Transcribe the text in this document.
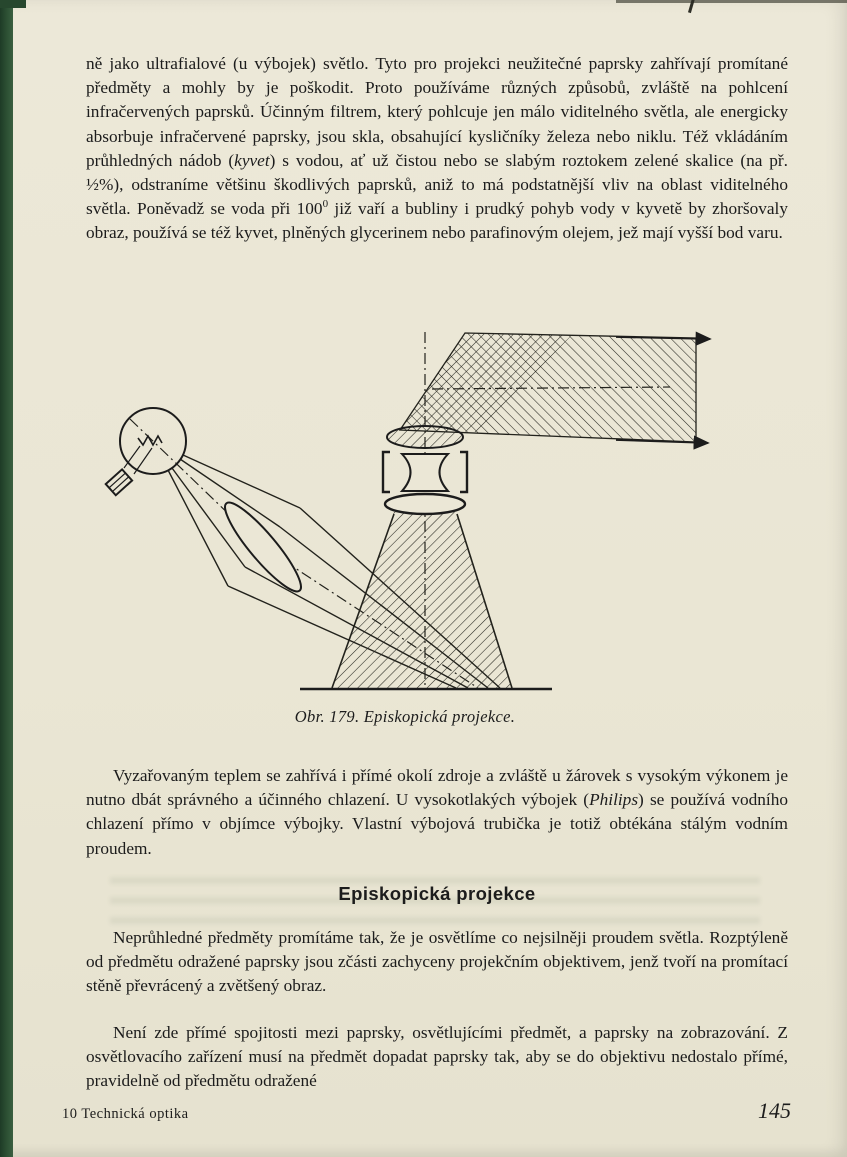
ně jako ultrafialové (u výbojek) světlo. Tyto pro projekci neužitečné paprsky zahřívají promítané předměty a mohly by je poškodit. Proto používáme různých způsobů, zvláště na pohlcení infračervených paprsků. Účinným filtrem, který pohlcuje jen málo viditelného světla, ale energicky absorbuje infračervené paprsky, jsou skla, obsahující kysličníky železa nebo niklu. Též vkládáním průhledných nádob (kyvet) s vodou, ať už čistou nebo se slabým roztokem zelené skalice (na př. ½%), odstraníme většinu škodlivých paprsků, aniž to má podstatnější vliv na oblast viditelného světla. Poněvadž se voda při $100^0$ již vaří a bubliny i prudký pohyb vody v kyvetě by zhoršovaly obraz, používá se též kyvet, plněných glycerinem nebo parafinovým olejem, jež mají vyšší bod varu.

Obr. 179. Episkopická projekce.

Vyzařovaným teplem se zahřívá i přímé okolí zdroje a zvláště u žárovek s vysokým výkonem je nutno dbát správného a účinného chlazení. U vysokotlakých výbojek (Philips) se používá vodního chlazení přímo v objímce výbojky. Vlastní výbojová trubička je totiž obtékána stálým vodním proudem.

Episkopická projekce

Neprůhledné předměty promítáme tak, že je osvětlíme co nejsilněji proudem světla. Rozptýleně od předmětu odražené paprsky jsou zčásti zachyceny projekčním objektivem, jenž tvoří na promítací stěně převrácený a zvětšený obraz.

Není zde přímé spojitosti mezi paprsky, osvětlujícími předmět, a paprsky na zobrazování. Z osvětlovacího zařízení musí na předmět dopadat paprsky tak, aby se do objektivu nedostalo přímé, pravidelně od předmětu odražené

10 Technická optika	145
